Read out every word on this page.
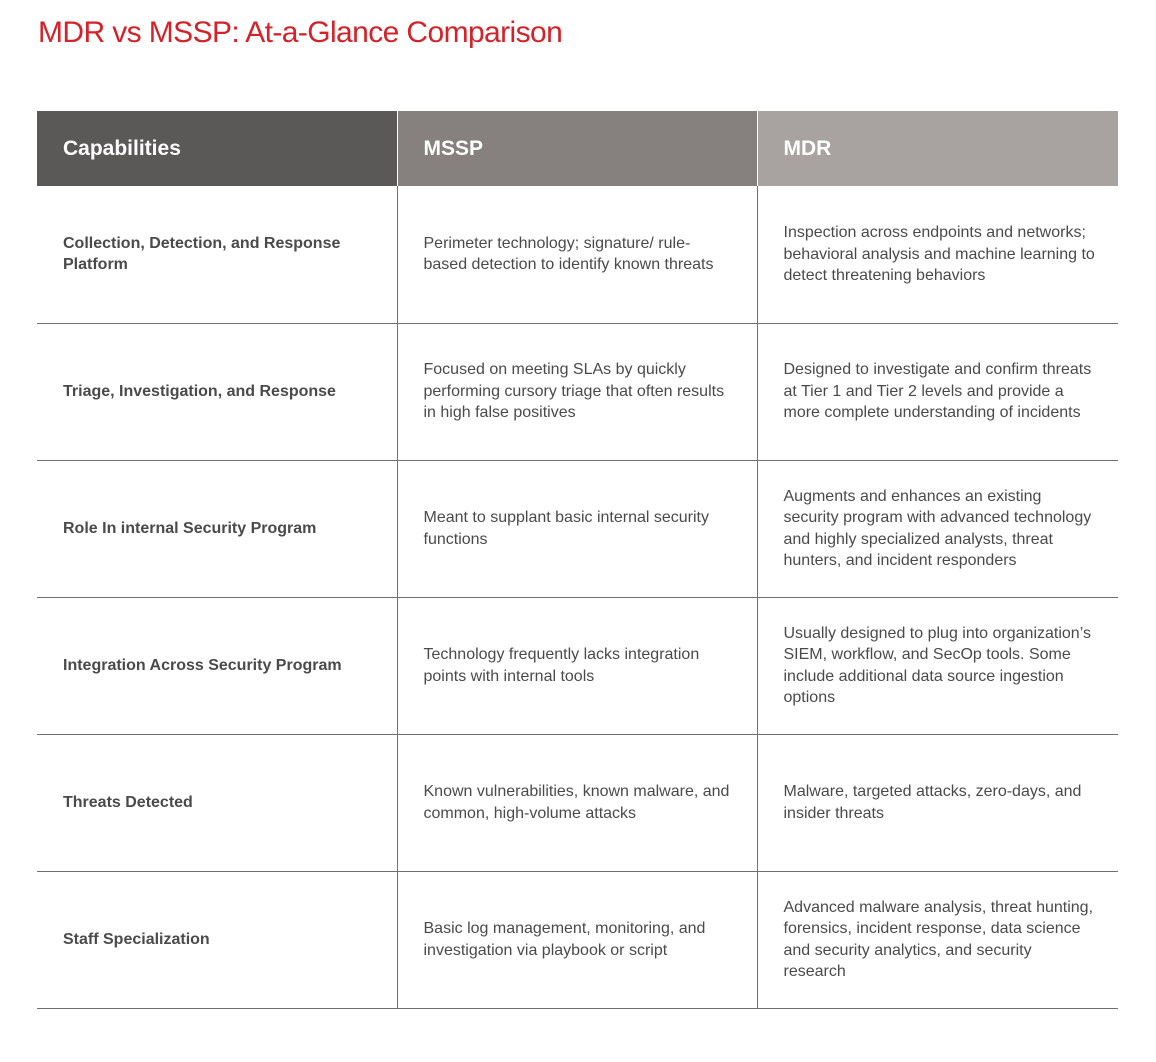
MDR vs MSSP: At-a-Glance Comparison
Capabilities	MSSP	MDR
Collection, Detection, and Response Platform	Perimeter technology; signature/ rule-based detection to identify known threats	Inspection across endpoints and networks; behavioral analysis and machine learning to detect threatening behaviors
Triage, Investigation, and Response	Focused on meeting SLAs by quickly performing cursory triage that often results in high false positives	Designed to investigate and confirm threats at Tier 1 and Tier 2 levels and provide a more complete understanding of incidents
Role In internal Security Program	Meant to supplant basic internal security functions	Augments and enhances an existing security program with advanced technology and highly specialized analysts, threat hunters, and incident responders
Integration Across Security Program	Technology frequently lacks integration points with internal tools	Usually designed to plug into organization’s SIEM, workflow, and SecOp tools. Some include additional data source ingestion options
Threats Detected	Known vulnerabilities, known malware, and common, high-volume attacks	Malware, targeted attacks, zero-days, and insider threats
Staff Specialization	Basic log management, monitoring, and investigation via playbook or script	Advanced malware analysis, threat hunting, forensics, incident response, data science and security analytics, and security research
